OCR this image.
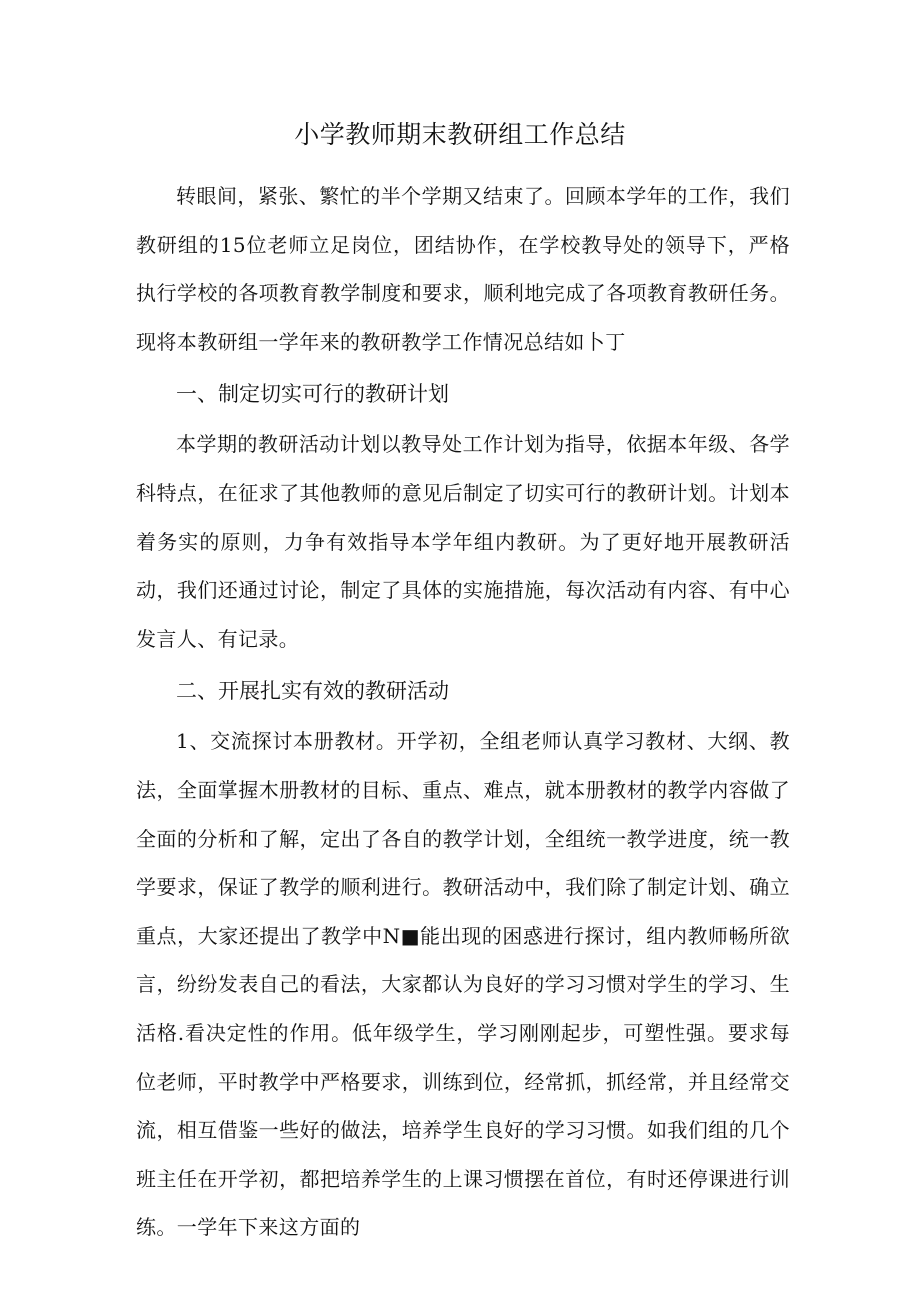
小学教师期末教研组工作总结

转眼间，紧张、繁忙的半个学期又结束了。回顾本学年的工作，我们教研组的15位老师立足岗位，团结协作，在学校教导处的领导下，严格执行学校的各项教育教学制度和要求，顺利地完成了各项教育教研任务。现将本教研组一学年来的教研教学工作情况总结如卜丁

一、制定切实可行的教研计划

本学期的教研活动计划以教导处工作计划为指导，依据本年级、各学科特点，在征求了其他教师的意见后制定了切实可行的教研计划。计划本着务实的原则，力争有效指导本学年组内教研。为了更好地开展教研活动，我们还通过讨论，制定了具体的实施措施，每次活动有内容、有中心发言人、有记录。

二、开展扎实有效的教研活动

1、交流探讨本册教材。开学初，全组老师认真学习教材、大纲、教法，全面掌握木册教材的目标、重点、难点，就本册教材的教学内容做了全面的分析和了解，定出了各自的教学计划，全组统一教学进度，统一教学要求，保证了教学的顺利进行。教研活动中，我们除了制定计划、确立重点，大家还提出了教学中N■能出现的困惑进行探讨，组内教师畅所欲言，纷纷发表自己的看法，大家都认为良好的学习习惯对学生的学习、生活格.看决定性的作用。低年级学生，学习刚刚起步，可塑性强。要求每位老师，平时教学中严格要求，训练到位，经常抓，抓经常，并且经常交流，相互借鉴一些好的做法，培养学生良好的学习习惯。如我们组的几个班主任在开学初，都把培养学生的上课习惯摆在首位，有时还停课进行训练。一学年下来这方面的
